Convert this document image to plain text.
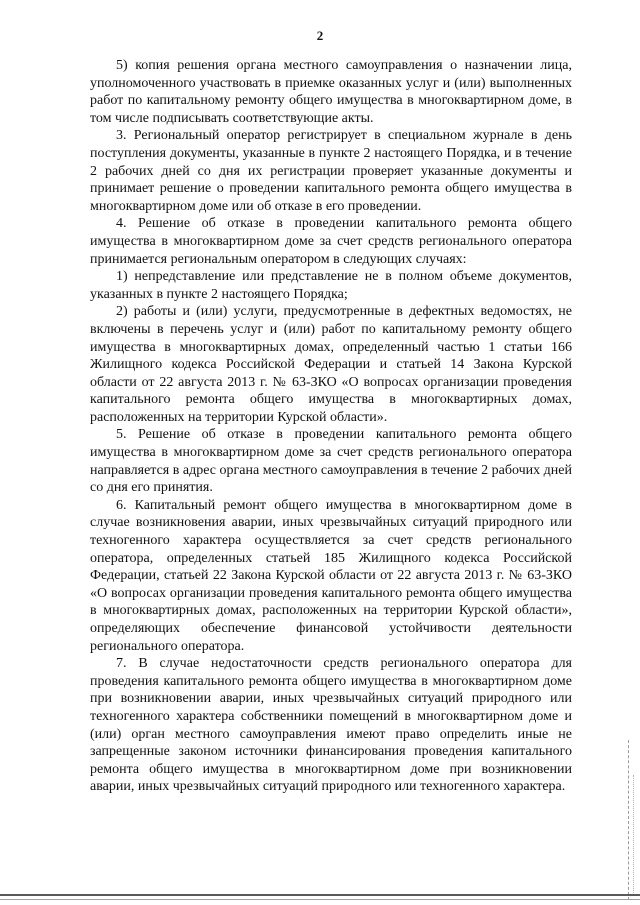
2

5) копия решения органа местного самоуправления о назначении лица, уполномоченного участвовать в приемке оказанных услуг и (или) выполненных работ по капитальному ремонту общего имущества в многоквартирном доме, в том числе подписывать соответствующие акты.

3. Региональный оператор регистрирует в специальном журнале в день поступления документы, указанные в пункте 2 настоящего Порядка, и в течение 2 рабочих дней со дня их регистрации проверяет указанные документы и принимает решение о проведении капитального ремонта общего имущества в многоквартирном доме или об отказе в его проведении.

4. Решение об отказе в проведении капитального ремонта общего имущества в многоквартирном доме за счет средств регионального оператора принимается региональным оператором в следующих случаях:

1) непредставление или представление не в полном объеме документов, указанных в пункте 2 настоящего Порядка;

2) работы и (или) услуги, предусмотренные в дефектных ведомостях, не включены в перечень услуг и (или) работ по капитальному ремонту общего имущества в многоквартирных домах, определенный частью 1 статьи 166 Жилищного кодекса Российской Федерации и статьей 14 Закона Курской области от 22 августа 2013 г. № 63-ЗКО «О вопросах организации проведения капитального ремонта общего имущества в многоквартирных домах, расположенных на территории Курской области».

5. Решение об отказе в проведении капитального ремонта общего имущества в многоквартирном доме за счет средств регионального оператора направляется в адрес органа местного самоуправления в течение 2 рабочих дней со дня его принятия.

6. Капитальный ремонт общего имущества в многоквартирном доме в случае возникновения аварии, иных чрезвычайных ситуаций природного или техногенного характера осуществляется за счет средств регионального оператора, определенных статьей 185 Жилищного кодекса Российской Федерации, статьей 22 Закона Курской области от 22 августа 2013 г. № 63-ЗКО «О вопросах организации проведения капитального ремонта общего имущества в многоквартирных домах, расположенных на территории Курской области», определяющих обеспечение финансовой устойчивости деятельности регионального оператора.

7. В случае недостаточности средств регионального оператора для проведения капитального ремонта общего имущества в многоквартирном доме при возникновении аварии, иных чрезвычайных ситуаций природного или техногенного характера собственники помещений в многоквартирном доме и (или) орган местного самоуправления имеют право определить иные не запрещенные законом источники финансирования проведения капитального ремонта общего имущества в многоквартирном доме при возникновении аварии, иных чрезвычайных ситуаций природного или техногенного характера.
